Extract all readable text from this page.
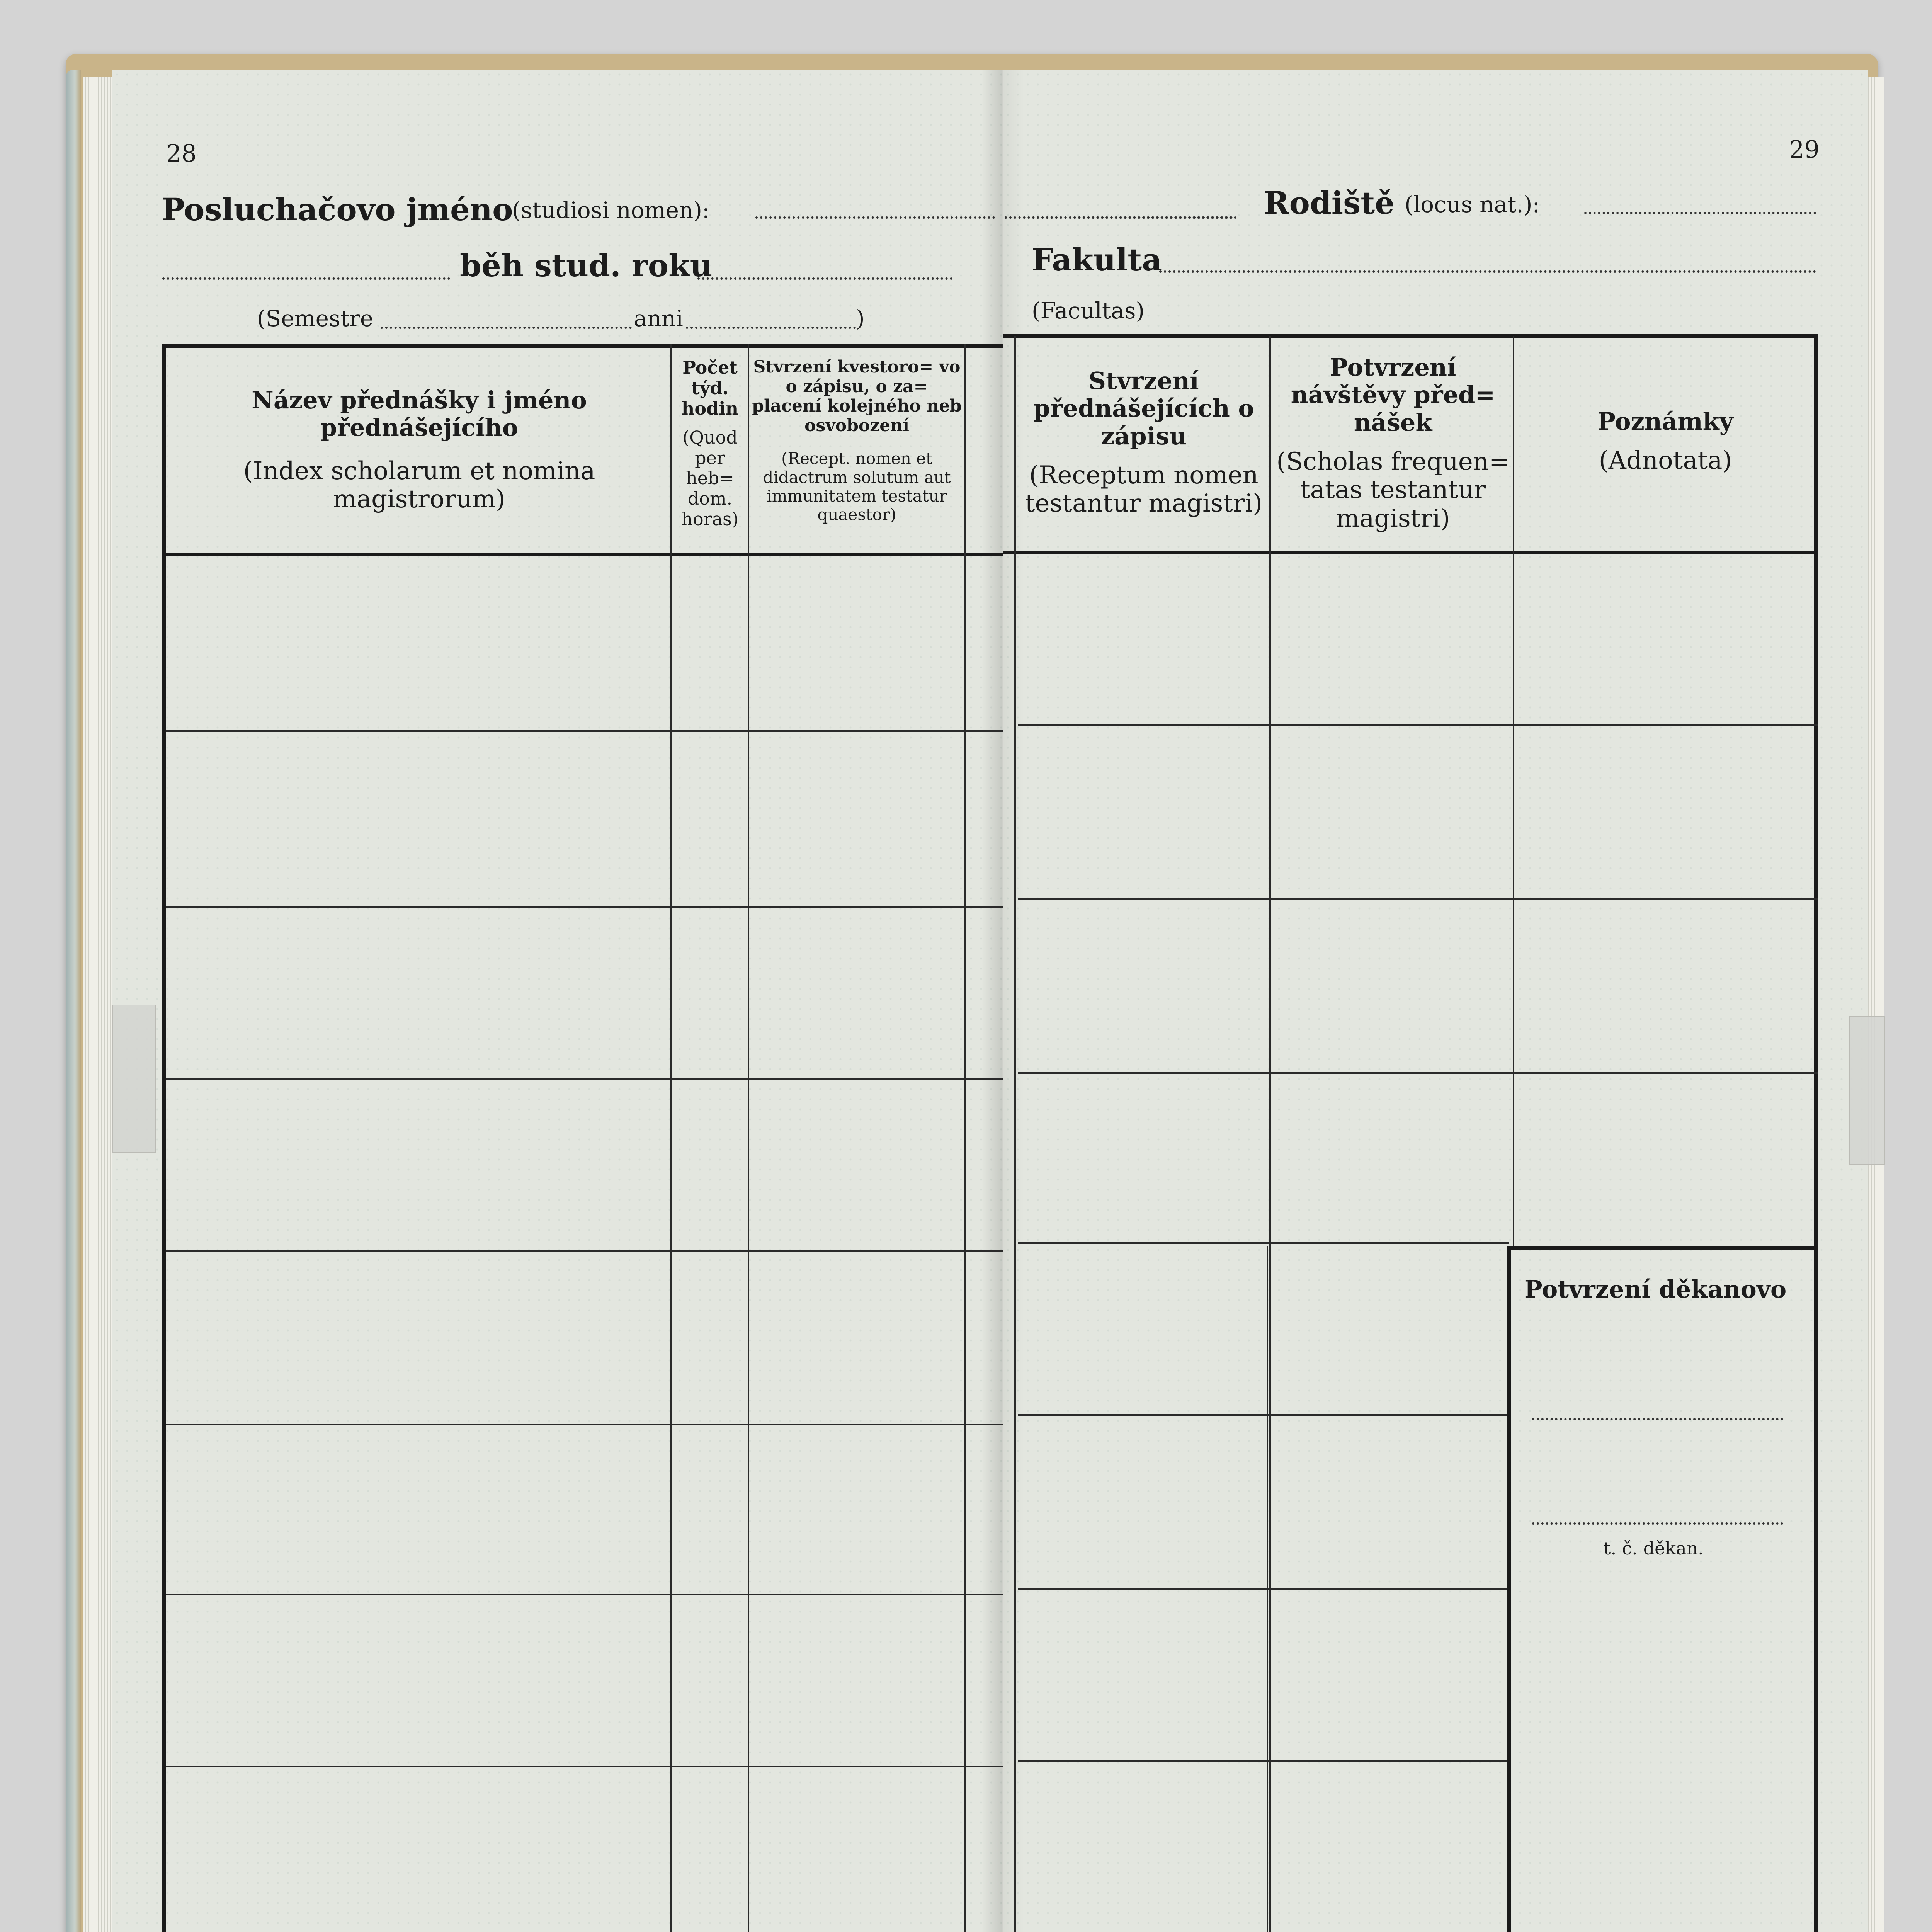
28
Posluchačovo jméno
(studiosi nomen):
běh stud. roku
(Semestre	anni	)
29
Rodiště (locus nat.):
Fakulta
(Facultas)
Název přednášky i jméno přednášejícího
(Index scholarum et nomina magistrorum)
Počet týd. hodin
(Quod per heb= dom. horas)
Stvrzení kvestoro= vo o zápisu, o za= placení kolejného neb osvobození
(Recept. nomen et didactrum solutum aut immunitatem testatur quaestor)
Stvrzení přednášejících o zápisu
(Receptum nomen testantur magistri)
Potvrzení návštěvy před= nášek
(Scholas frequen= tatas testantur magistri)
Poznámky
(Adnotata)
Potvrzení děkanovo
t. č. děkan.
